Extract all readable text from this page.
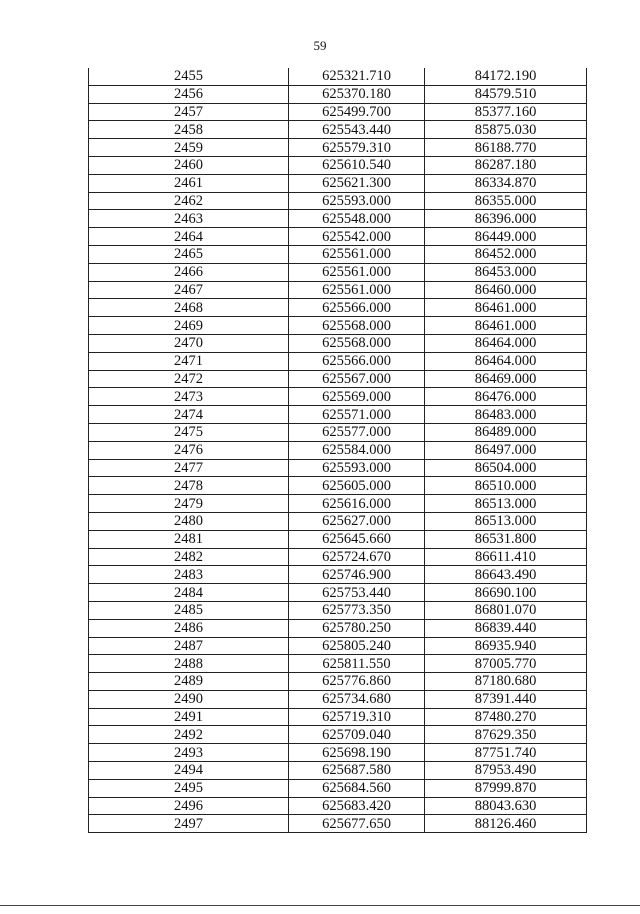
59
2455	625321.710	84172.190
2456	625370.180	84579.510
2457	625499.700	85377.160
2458	625543.440	85875.030
2459	625579.310	86188.770
2460	625610.540	86287.180
2461	625621.300	86334.870
2462	625593.000	86355.000
2463	625548.000	86396.000
2464	625542.000	86449.000
2465	625561.000	86452.000
2466	625561.000	86453.000
2467	625561.000	86460.000
2468	625566.000	86461.000
2469	625568.000	86461.000
2470	625568.000	86464.000
2471	625566.000	86464.000
2472	625567.000	86469.000
2473	625569.000	86476.000
2474	625571.000	86483.000
2475	625577.000	86489.000
2476	625584.000	86497.000
2477	625593.000	86504.000
2478	625605.000	86510.000
2479	625616.000	86513.000
2480	625627.000	86513.000
2481	625645.660	86531.800
2482	625724.670	86611.410
2483	625746.900	86643.490
2484	625753.440	86690.100
2485	625773.350	86801.070
2486	625780.250	86839.440
2487	625805.240	86935.940
2488	625811.550	87005.770
2489	625776.860	87180.680
2490	625734.680	87391.440
2491	625719.310	87480.270
2492	625709.040	87629.350
2493	625698.190	87751.740
2494	625687.580	87953.490
2495	625684.560	87999.870
2496	625683.420	88043.630
2497	625677.650	88126.460
